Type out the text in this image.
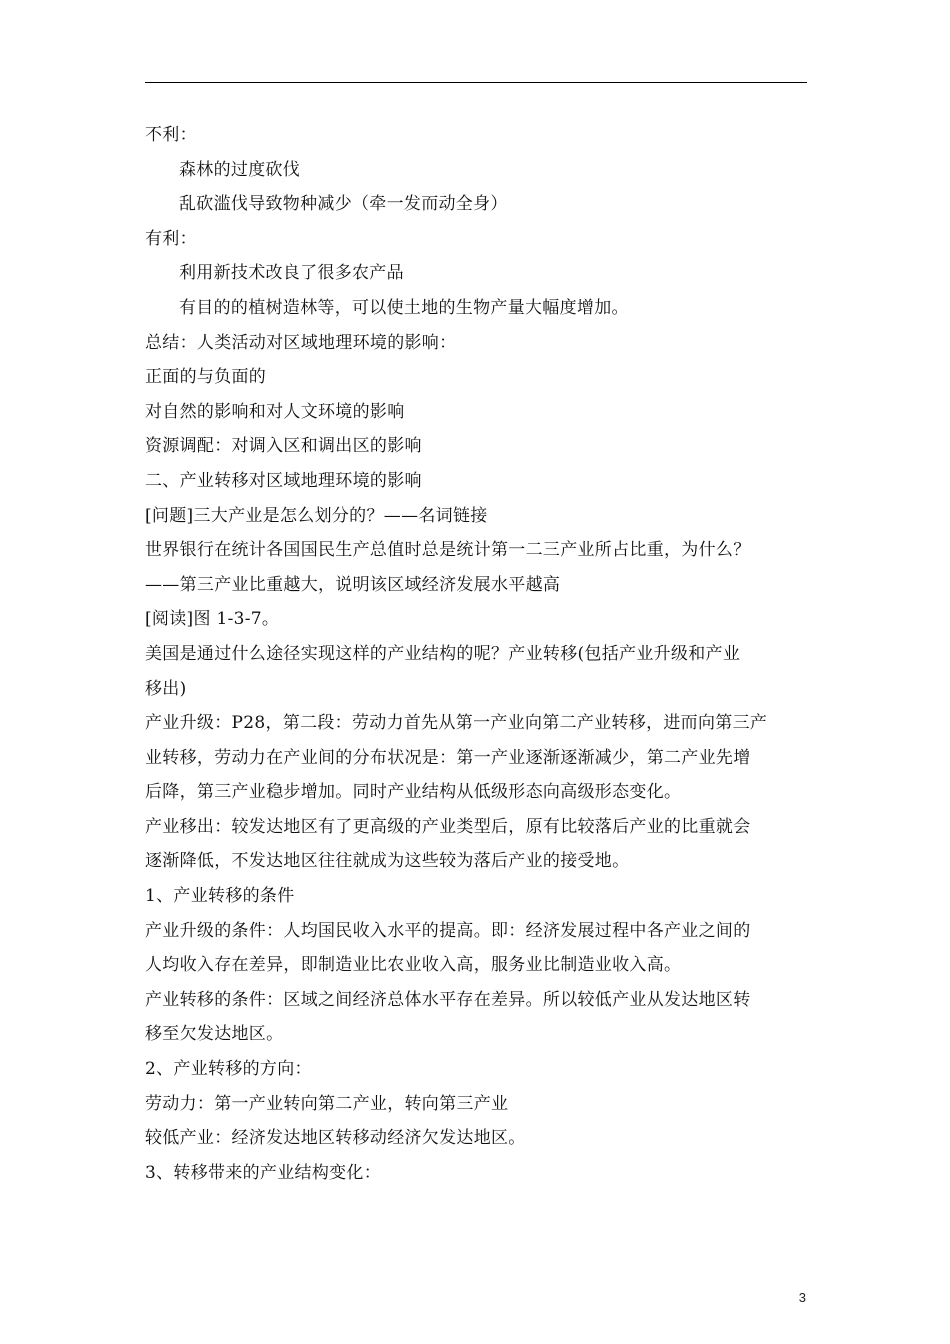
不利：
森林的过度砍伐
乱砍滥伐导致物种减少（牵一发而动全身）
有利：
利用新技术改良了很多农产品
有目的的植树造林等，可以使土地的生物产量大幅度增加。
总结：人类活动对区域地理环境的影响：
正面的与负面的
对自然的影响和对人文环境的影响
资源调配：对调入区和调出区的影响
二、产业转移对区域地理环境的影响
[问题]三大产业是怎么划分的？——名词链接
世界银行在统计各国国民生产总值时总是统计第一二三产业所占比重，为什么？
——第三产业比重越大，说明该区域经济发展水平越高
[阅读]图 1-3-7。
美国是通过什么途径实现这样的产业结构的呢？产业转移(包括产业升级和产业
移出)
产业升级：P28，第二段：劳动力首先从第一产业向第二产业转移，进而向第三产
业转移，劳动力在产业间的分布状况是：第一产业逐渐逐渐减少，第二产业先增
后降，第三产业稳步增加。同时产业结构从低级形态向高级形态变化。
产业移出：较发达地区有了更高级的产业类型后，原有比较落后产业的比重就会
逐渐降低，不发达地区往往就成为这些较为落后产业的接受地。
1、产业转移的条件
产业升级的条件：人均国民收入水平的提高。即：经济发展过程中各产业之间的
人均收入存在差异，即制造业比农业收入高，服务业比制造业收入高。
产业转移的条件：区域之间经济总体水平存在差异。所以较低产业从发达地区转
移至欠发达地区。
2、产业转移的方向：
劳动力：第一产业转向第二产业，转向第三产业
较低产业：经济发达地区转移动经济欠发达地区。
3、转移带来的产业结构变化：
3
